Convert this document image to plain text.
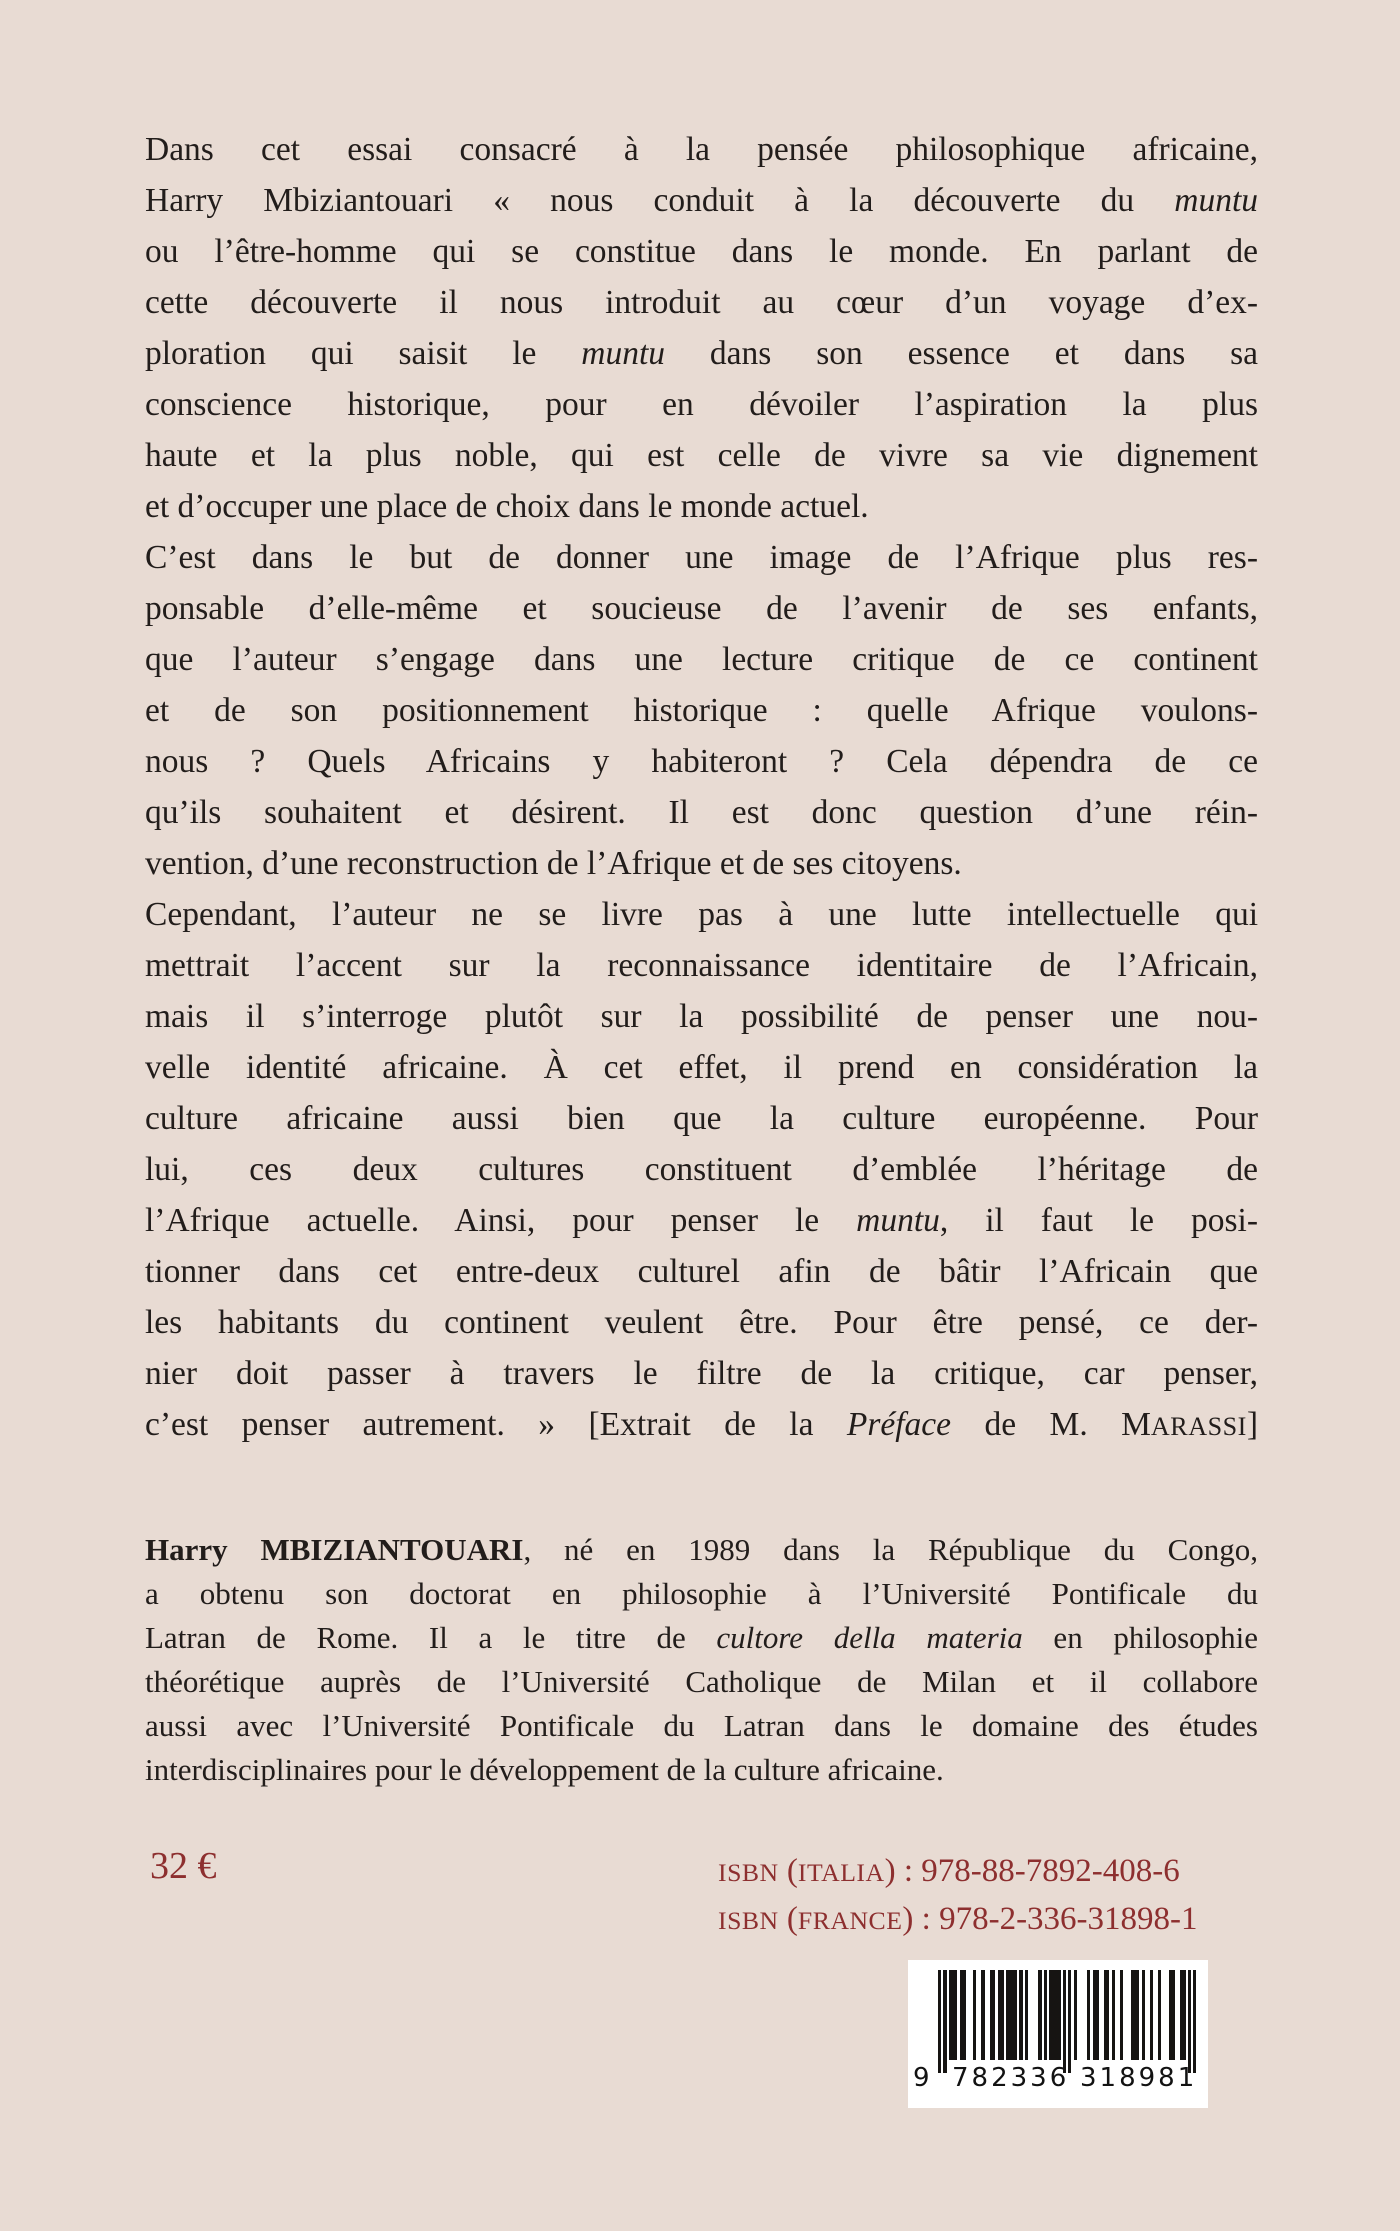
Dans cet essai consacré à la pensée philosophique africaine,
Harry Mbiziantouari « nous conduit à la découverte du muntu
ou l’être-homme qui se constitue dans le monde. En parlant de
cette découverte il nous introduit au cœur d’un voyage d’ex-
ploration qui saisit le muntu dans son essence et dans sa
conscience historique, pour en dévoiler l’aspiration la plus
haute et la plus noble, qui est celle de vivre sa vie dignement
et d’occuper une place de choix dans le monde actuel.
C’est dans le but de donner une image de l’Afrique plus res-
ponsable d’elle-même et soucieuse de l’avenir de ses enfants,
que l’auteur s’engage dans une lecture critique de ce continent
et de son positionnement historique : quelle Afrique voulons-
nous ? Quels Africains y habiteront ? Cela dépendra de ce
qu’ils souhaitent et désirent. Il est donc question d’une réin-
vention, d’une reconstruction de l’Afrique et de ses citoyens.
Cependant, l’auteur ne se livre pas à une lutte intellectuelle qui
mettrait l’accent sur la reconnaissance identitaire de l’Africain,
mais il s’interroge plutôt sur la possibilité de penser une nou-
velle identité africaine. À cet effet, il prend en considération la
culture africaine aussi bien que la culture européenne. Pour
lui, ces deux cultures constituent d’emblée l’héritage de
l’Afrique actuelle. Ainsi, pour penser le muntu, il faut le posi-
tionner dans cet entre-deux culturel afin de bâtir l’Africain que
les habitants du continent veulent être. Pour être pensé, ce der-
nier doit passer à travers le filtre de la critique, car penser,
c’est penser autrement. » [Extrait de la Préface de M. MARASSI]
Harry MBIZIANTOUARI, né en 1989 dans la République du Congo,
a obtenu son doctorat en philosophie à l’Université Pontificale du
Latran de Rome. Il a le titre de cultore della materia en philosophie
théorétique auprès de l’Université Catholique de Milan et il collabore
aussi avec l’Université Pontificale du Latran dans le domaine des études
interdisciplinaires pour le développement de la culture africaine.
32 €	ISBN (ITALIA) : 978-88-7892-408-6
ISBN (FRANCE) : 978-2-336-31898-1
9 782336 318981
